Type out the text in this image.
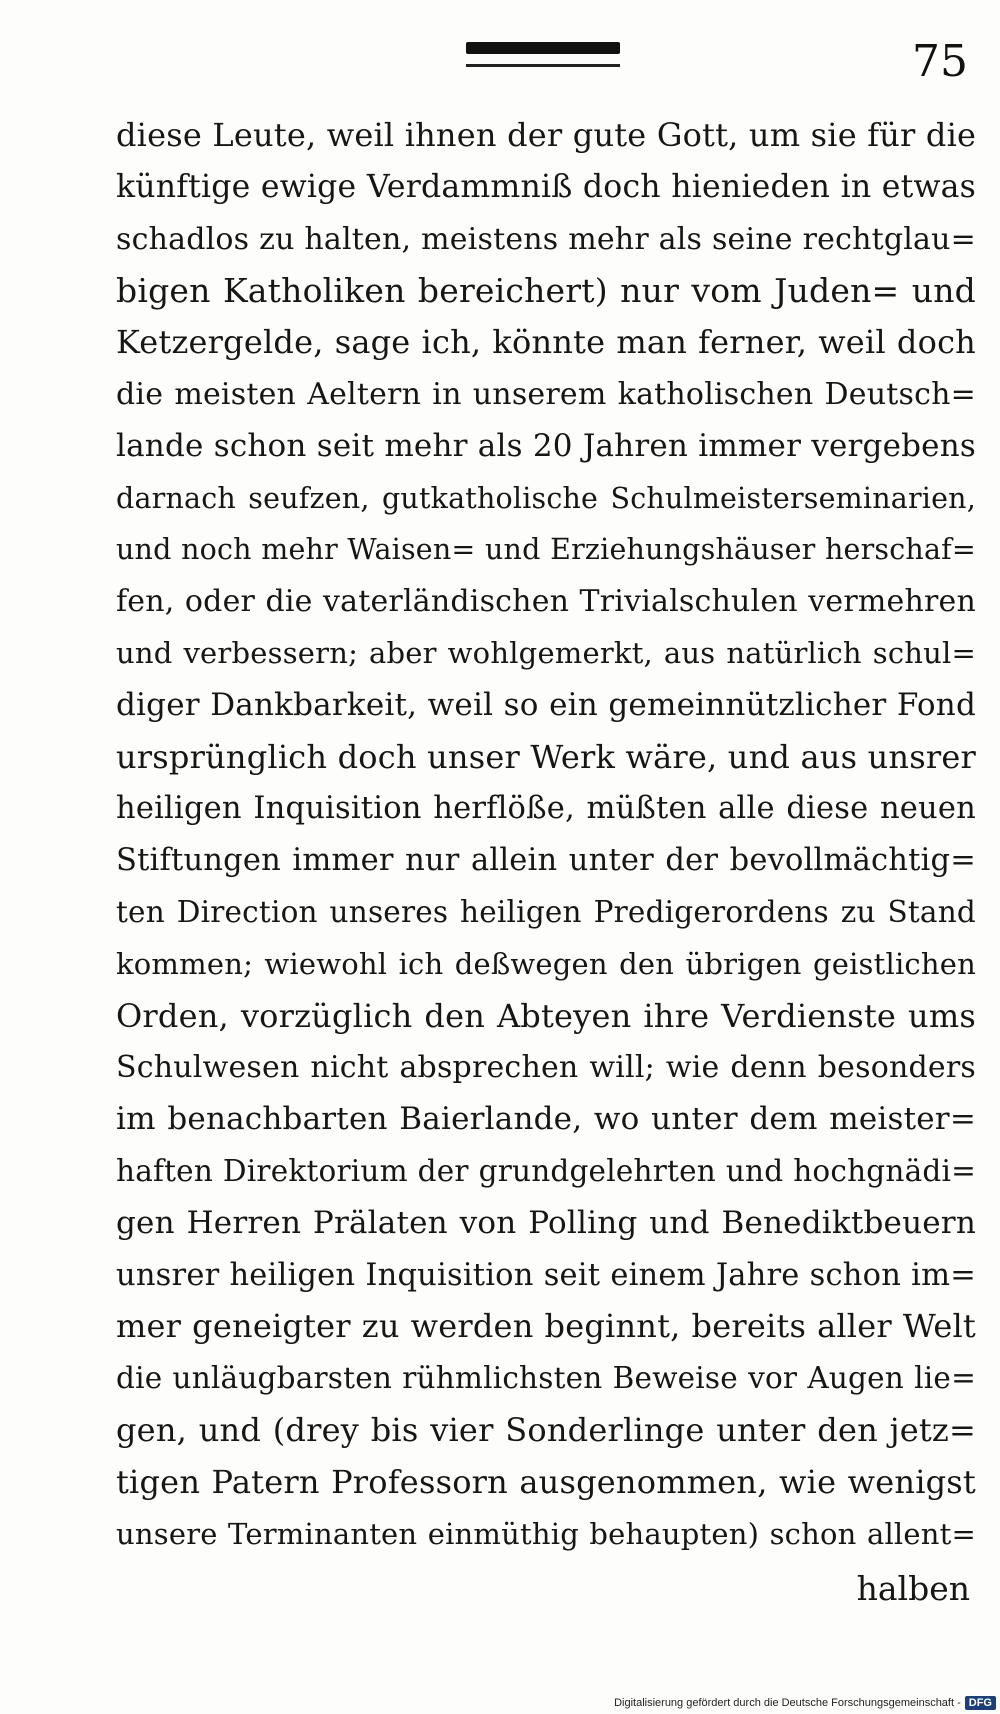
75
diese Leute, weil ihnen der gute Gott, um sie für die
künftige ewige Verdammniß doch hienieden in etwas
schadlos zu halten, meistens mehr als seine rechtglau=
bigen Katholiken bereichert) nur vom Juden= und
Ketzergelde, sage ich, könnte man ferner, weil doch
die meisten Aeltern in unserem katholischen Deutsch=
lande schon seit mehr als 20 Jahren immer vergebens
darnach seufzen, gutkatholische Schulmeisterseminarien,
und noch mehr Waisen= und Erziehungshäuser herschaf=
fen, oder die vaterländischen Trivialschulen vermehren
und verbessern; aber wohlgemerkt, aus natürlich schul=
diger Dankbarkeit, weil so ein gemeinnützlicher Fond
ursprünglich doch unser Werk wäre, und aus unsrer
heiligen Inquisition herflöße, müßten alle diese neuen
Stiftungen immer nur allein unter der bevollmächtig=
ten Direction unseres heiligen Predigerordens zu Stand
kommen; wiewohl ich deßwegen den übrigen geistlichen
Orden, vorzüglich den Abteyen ihre Verdienste ums
Schulwesen nicht absprechen will; wie denn besonders
im benachbarten Baierlande, wo unter dem meister=
haften Direktorium der grundgelehrten und hochgnädi=
gen Herren Prälaten von Polling und Benediktbeuern
unsrer heiligen Inquisition seit einem Jahre schon im=
mer geneigter zu werden beginnt, bereits aller Welt
die unläugbarsten rühmlichsten Beweise vor Augen lie=
gen, und (drey bis vier Sonderlinge unter den jetz=
tigen Patern Professorn ausgenommen, wie wenigst
unsere Terminanten einmüthig behaupten) schon allent=
halben
Digitalisierung gefördert durch die Deutsche Forschungsgemeinschaft - DFG
